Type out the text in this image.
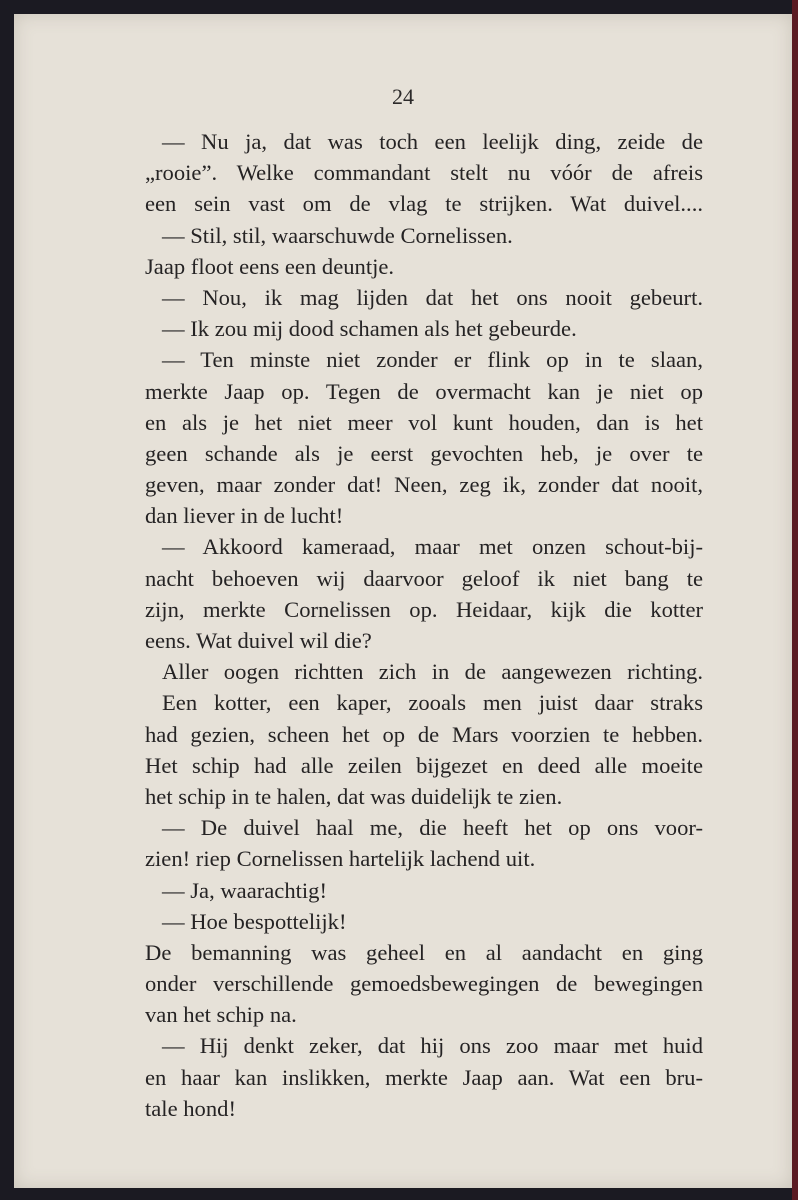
24
— Nu ja, dat was toch een leelijk ding, zeide de
„rooie”. Welke commandant stelt nu vóór de afreis
een sein vast om de vlag te strijken. Wat duivel....
— Stil, stil, waarschuwde Cornelissen.
Jaap floot eens een deuntje.
— Nou, ik mag lijden dat het ons nooit gebeurt.
— Ik zou mij dood schamen als het gebeurde.
— Ten minste niet zonder er flink op in te slaan,
merkte Jaap op. Tegen de overmacht kan je niet op
en als je het niet meer vol kunt houden, dan is het
geen schande als je eerst gevochten heb, je over te
geven, maar zonder dat! Neen, zeg ik, zonder dat nooit,
dan liever in de lucht!
— Akkoord kameraad, maar met onzen schout-bij-
nacht behoeven wij daarvoor geloof ik niet bang te
zijn, merkte Cornelissen op. Heidaar, kijk die kotter
eens. Wat duivel wil die?
Aller oogen richtten zich in de aangewezen richting.
Een kotter, een kaper, zooals men juist daar straks
had gezien, scheen het op de Mars voorzien te hebben.
Het schip had alle zeilen bijgezet en deed alle moeite
het schip in te halen, dat was duidelijk te zien.
— De duivel haal me, die heeft het op ons voor-
zien! riep Cornelissen hartelijk lachend uit.
— Ja, waarachtig!
— Hoe bespottelijk!
De bemanning was geheel en al aandacht en ging
onder verschillende gemoedsbewegingen de bewegingen
van het schip na.
— Hij denkt zeker, dat hij ons zoo maar met huid
en haar kan inslikken, merkte Jaap aan. Wat een bru-
tale hond!
